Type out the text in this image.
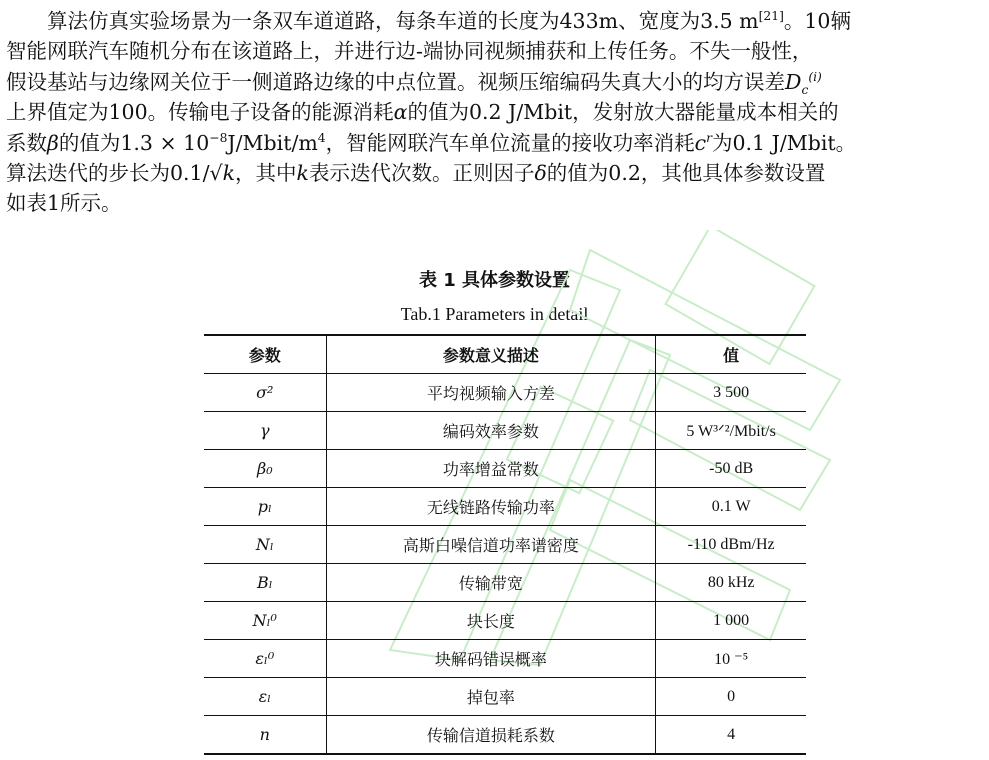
算法仿真实验场景为一条双车道道路，每条车道的长度为433m、宽度为3.5 m[21]。10辆
智能网联汽车随机分布在该道路上，并进行边-端协同视频捕获和上传任务。不失一般性，
假设基站与边缘网关位于一侧道路边缘的中点位置。视频压缩编码失真大小的均方误差$D_c^{(i)}$
上界值定为100。传输电子设备的能源消耗α的值为0.2 J/Mbit，发射放大器能量成本相关的
系数β的值为$1.3 \times 10^{-8}J/Mbit/m^4$，智能网联汽车单位流量的接收功率消耗$c^r$为0.1 J/Mbit。
算法迭代的步长为0.1/√k，其中k表示迭代次数。正则因子δ的值为0.2，其他具体参数设置
如表1所示。
表 1 具体参数设置
Tab.1 Parameters in detail
参数	参数意义描述	值
σ²	平均视频输入方差	3 500
γ	编码效率参数	5 W³ᐟ²/Mbit/s
β₀	功率增益常数	-50 dB
pₗ	无线链路传输功率	0.1 W
Nₗ	高斯白噪信道功率谱密度	-110 dBm/Hz
Bₗ	传输带宽	80 kHz
Nₗ⁰	块长度	1 000
εₗ⁰	块解码错误概率	10 ⁻⁵
εₗ	掉包率	0
n	传输信道损耗系数	4
